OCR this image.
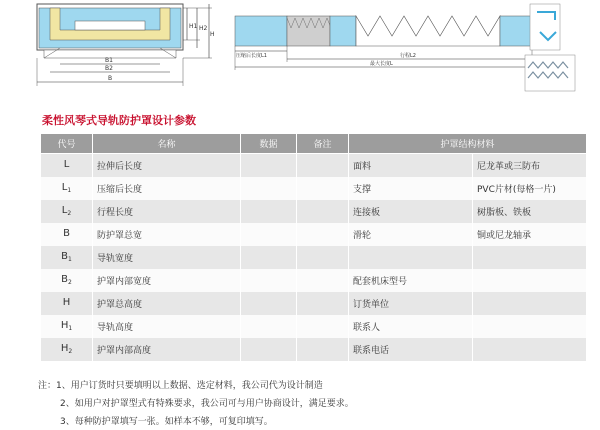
H1 H2
H
B1
B2
B
压缩后长度L1	行程L2
最大长度L
柔性风琴式导轨防护罩设计参数
代号	名称	数据	备注	护罩结构材料	
L	拉伸后长度			面料	尼龙革或三防布
$L_1$	压缩后长度			支撑	PVC片材(每格一片)
$L_2$	行程长度			连接板	树脂板、铁板
B	防护罩总宽			滑轮	铜或尼龙轴承
$B_1$	导轨宽度				
$B_2$	护罩内部宽度			配套机床型号	
H	护罩总高度			订货单位	
$H_1$	导轨高度			联系人	
$H_2$	护罩内部高度			联系电话	
注：1、用户订货时只要填明以上数据、选定材料，我公司代为设计制造
2、如用户对护罩型式有特殊要求，我公司可与用户协商设计，满足要求。
3、每种防护罩填写一张。如样本不够，可复印填写。
